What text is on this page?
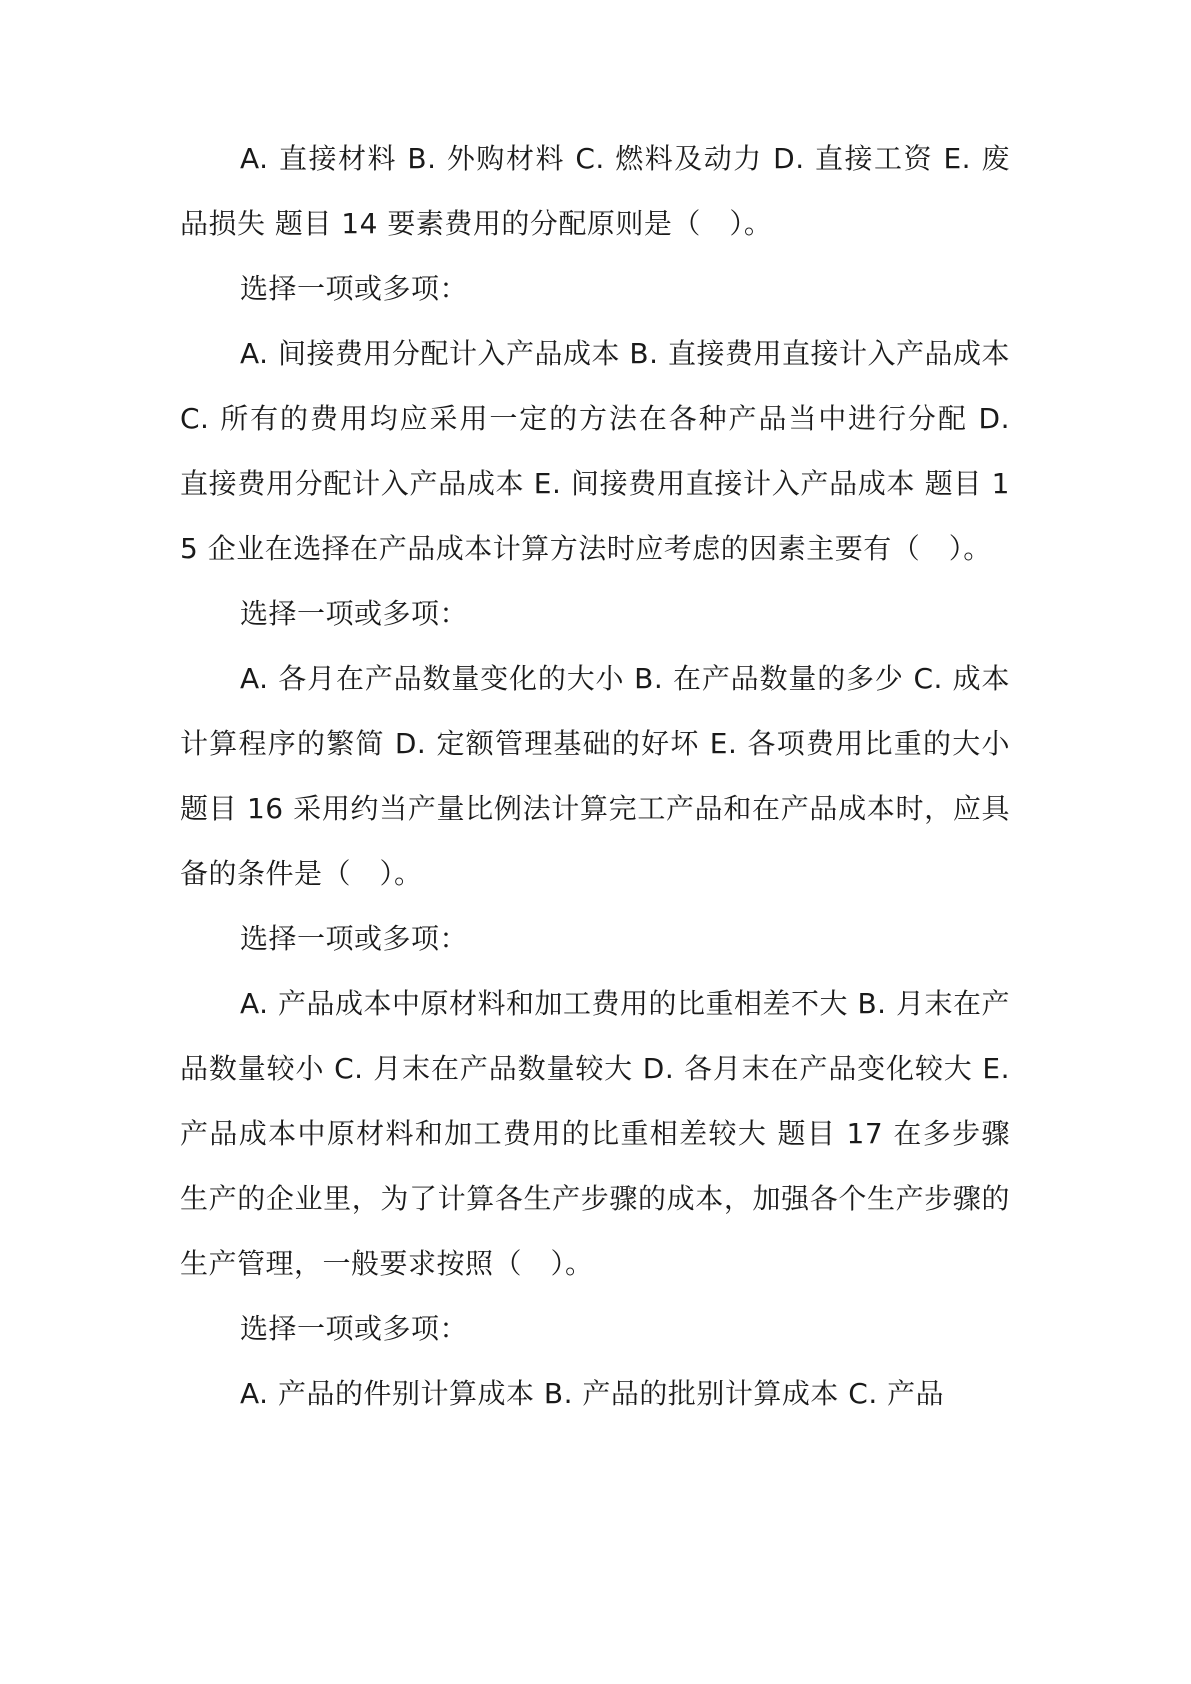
A. 直接材料 B. 外购材料 C. 燃料及动力 D. 直接工资 E. 废品损失 题目 14 要素费用的分配原则是（　）。

选择一项或多项：

A. 间接费用分配计入产品成本 B. 直接费用直接计入产品成本 C. 所有的费用均应采用一定的方法在各种产品当中进行分配 D. 直接费用分配计入产品成本 E. 间接费用直接计入产品成本 题目 15 企业在选择在产品成本计算方法时应考虑的因素主要有（　）。

选择一项或多项：

A. 各月在产品数量变化的大小 B. 在产品数量的多少 C. 成本计算程序的繁简 D. 定额管理基础的好坏 E. 各项费用比重的大小 题目 16 采用约当产量比例法计算完工产品和在产品成本时，应具备的条件是（　）。

选择一项或多项：

A. 产品成本中原材料和加工费用的比重相差不大 B. 月末在产品数量较小 C. 月末在产品数量较大 D. 各月末在产品变化较大 E. 产品成本中原材料和加工费用的比重相差较大 题目 17 在多步骤生产的企业里，为了计算各生产步骤的成本，加强各个生产步骤的生产管理，一般要求按照（　）。

选择一项或多项：

A. 产品的件别计算成本 B. 产品的批别计算成本 C. 产品
